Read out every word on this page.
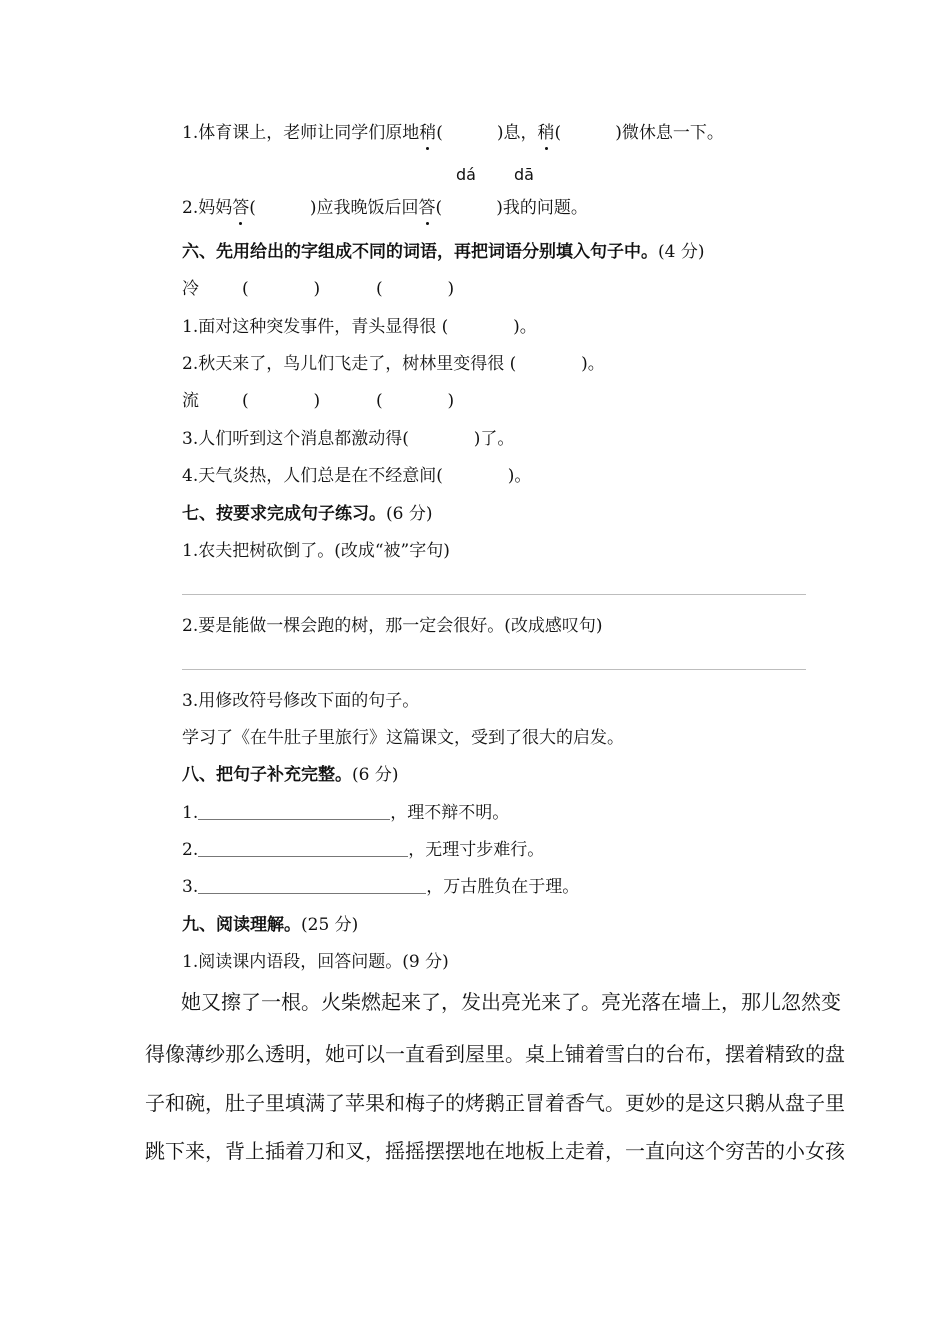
1.体育课上，老师让同学们原地稍(          )息，稍(          )微休息一下。
dá dā
2.妈妈答(          )应我晚饭后回答(          )我的问题。
六、先用给出的字组成不同的词语，再把词语分别填入句子中。(4 分)
冷	(            )	(            )
1.面对这种突发事件，青头显得很 (            )。
2.秋天来了，鸟儿们飞走了，树林里变得很 (            )。
流	(            )	(            )
3.人们听到这个消息都激动得(            )了。
4.天气炎热，人们总是在不经意间(            )。
七、按要求完成句子练习。(6 分)
1.农夫把树砍倒了。(改成“被”字句)
2.要是能做一棵会跑的树，那一定会很好。(改成感叹句)
3.用修改符号修改下面的句子。
学习了《在牛肚子里旅行》这篇课文，受到了很大的启发。
八、把句子补充完整。(6 分)
1.	，理不辩不明。
2.	，无理寸步难行。
3.	，万古胜负在于理。
九、阅读理解。(25 分)
1.阅读课内语段，回答问题。(9 分)
她又擦了一根。火柴燃起来了，发出亮光来了。亮光落在墙上，那儿忽然变
得像薄纱那么透明，她可以一直看到屋里。桌上铺着雪白的台布，摆着精致的盘
子和碗，肚子里填满了苹果和梅子的烤鹅正冒着香气。更妙的是这只鹅从盘子里
跳下来，背上插着刀和叉，摇摇摆摆地在地板上走着，一直向这个穷苦的小女孩
